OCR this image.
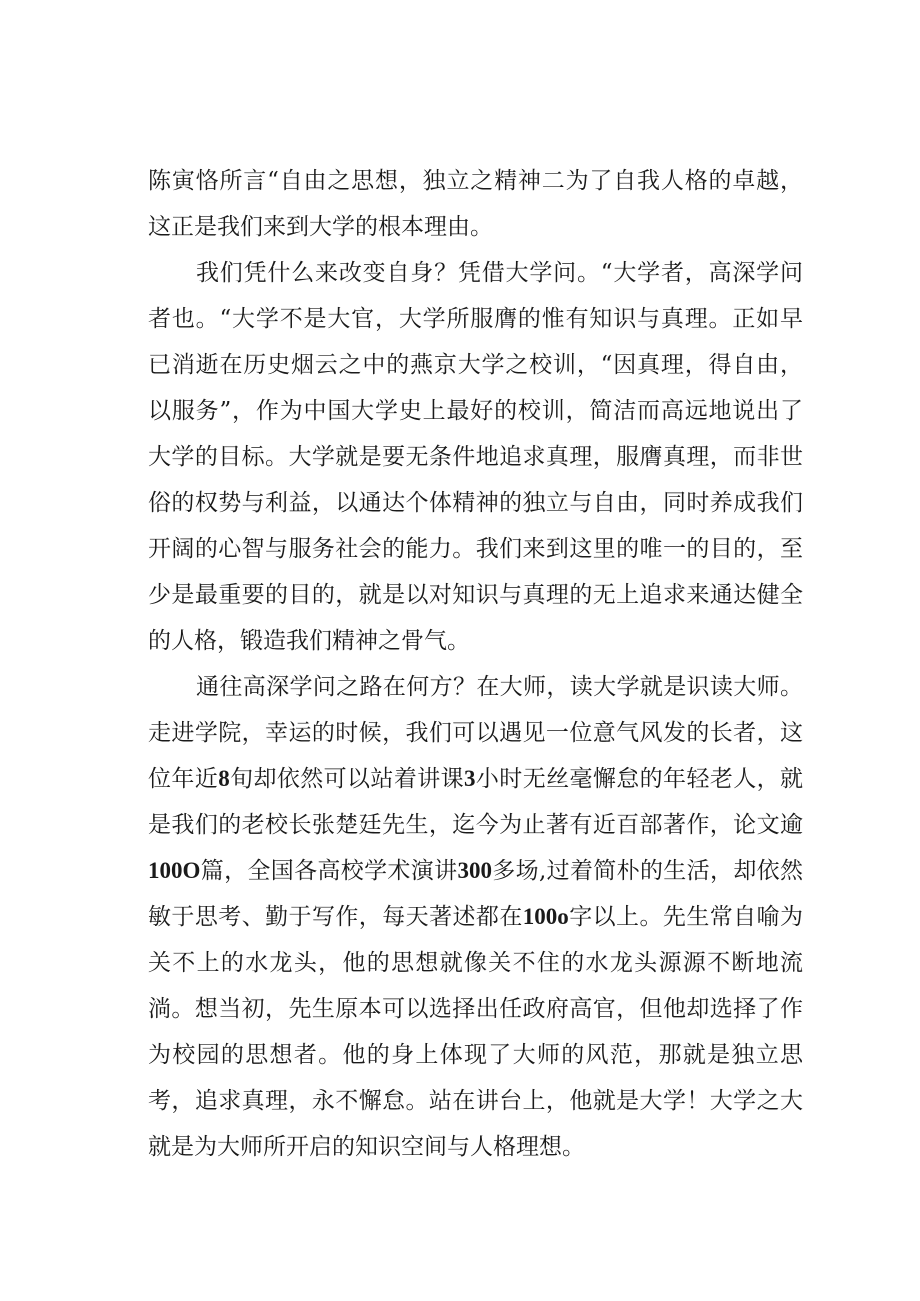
陈寅恪所言“自由之思想，独立之精神二为了自我人格的卓越，这正是我们来到大学的根本理由。

我们凭什么来改变自身？凭借大学问。“大学者，高深学问者也。“大学不是大官，大学所服膺的惟有知识与真理。正如早已消逝在历史烟云之中的燕京大学之校训，“因真理，得自由，以服务”，作为中国大学史上最好的校训，简洁而高远地说出了大学的目标。大学就是要无条件地追求真理，服膺真理，而非世俗的权势与利益，以通达个体精神的独立与自由，同时养成我们开阔的心智与服务社会的能力。我们来到这里的唯一的目的，至少是最重要的目的，就是以对知识与真理的无上追求来通达健全的人格，锻造我们精神之骨气。

通往高深学问之路在何方？在大师，读大学就是识读大师。走进学院，幸运的时候，我们可以遇见一位意气风发的长者，这位年近8旬却依然可以站着讲课3小时无丝毫懈怠的年轻老人，就是我们的老校长张楚廷先生，迄今为止著有近百部著作，论文逾100O篇，全国各高校学术演讲300多场,过着简朴的生活，却依然敏于思考、勤于写作，每天著述都在100o字以上。先生常自喻为关不上的水龙头，他的思想就像关不住的水龙头源源不断地流淌。想当初，先生原本可以选择出任政府高官，但他却选择了作为校园的思想者。他的身上体现了大师的风范，那就是独立思考，追求真理，永不懈怠。站在讲台上，他就是大学！大学之大就是为大师所开启的知识空间与人格理想。
